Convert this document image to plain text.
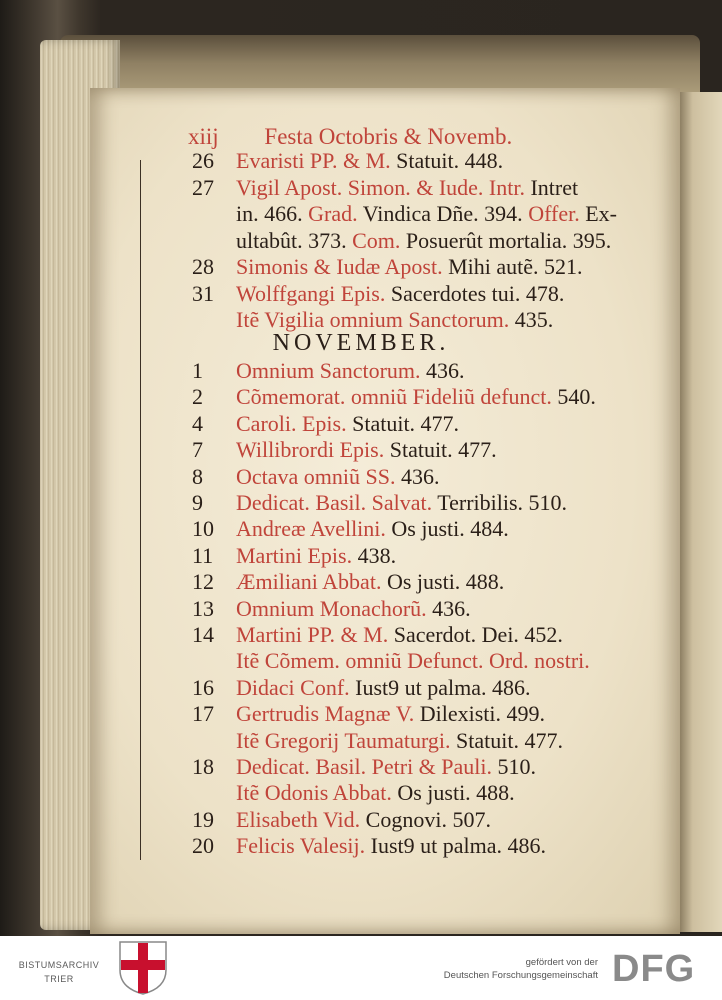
xiij Festa Octobris & Novemb.
26	Evaristi PP. & M. Statuit. 448.
27	Vigil Apost. Simon. & Iude. Intr. Intret
in. 466. Grad. Vindica Dñe. 394. Offer. Ex-
ultabût. 373. Com. Posuerût mortalia. 395.
28	Simonis & Iudæ Apost. Mihi autẽ. 521.
31	Wolffgangi Epis. Sacerdotes tui. 478.
Itẽ Vigilia omnium Sanctorum. 435.
NOVEMBER.
1	Omnium Sanctorum. 436.
2	Cõmemorat. omniũ Fideliũ defunct. 540.
4	Caroli. Epis. Statuit. 477.
7	Willibrordi Epis. Statuit. 477.
8	Octava omniũ SS. 436.
9	Dedicat. Basil. Salvat. Terribilis. 510.
10	Andreæ Avellini. Os justi. 484.
11	Martini Epis. 438.
12	Æmiliani Abbat. Os justi. 488.
13	Omnium Monachorũ. 436.
14	Martini PP. & M. Sacerdot. Dei. 452.
Itẽ Cõmem. omniũ Defunct. Ord. nostri.
16	Didaci Conf. Iust9 ut palma. 486.
17	Gertrudis Magnæ V. Dilexisti. 499.
Itẽ Gregorij Taumaturgi. Statuit. 477.
18	Dedicat. Basil. Petri & Pauli. 510.
Itẽ Odonis Abbat. Os justi. 488.
19	Elisabeth Vid. Cognovi. 507.
20	Felicis Valesij. Iust9 ut palma. 486.
BISTUMSARCHIV
TRIER
gefördert von der
Deutschen Forschungsgemeinschaft DFG
